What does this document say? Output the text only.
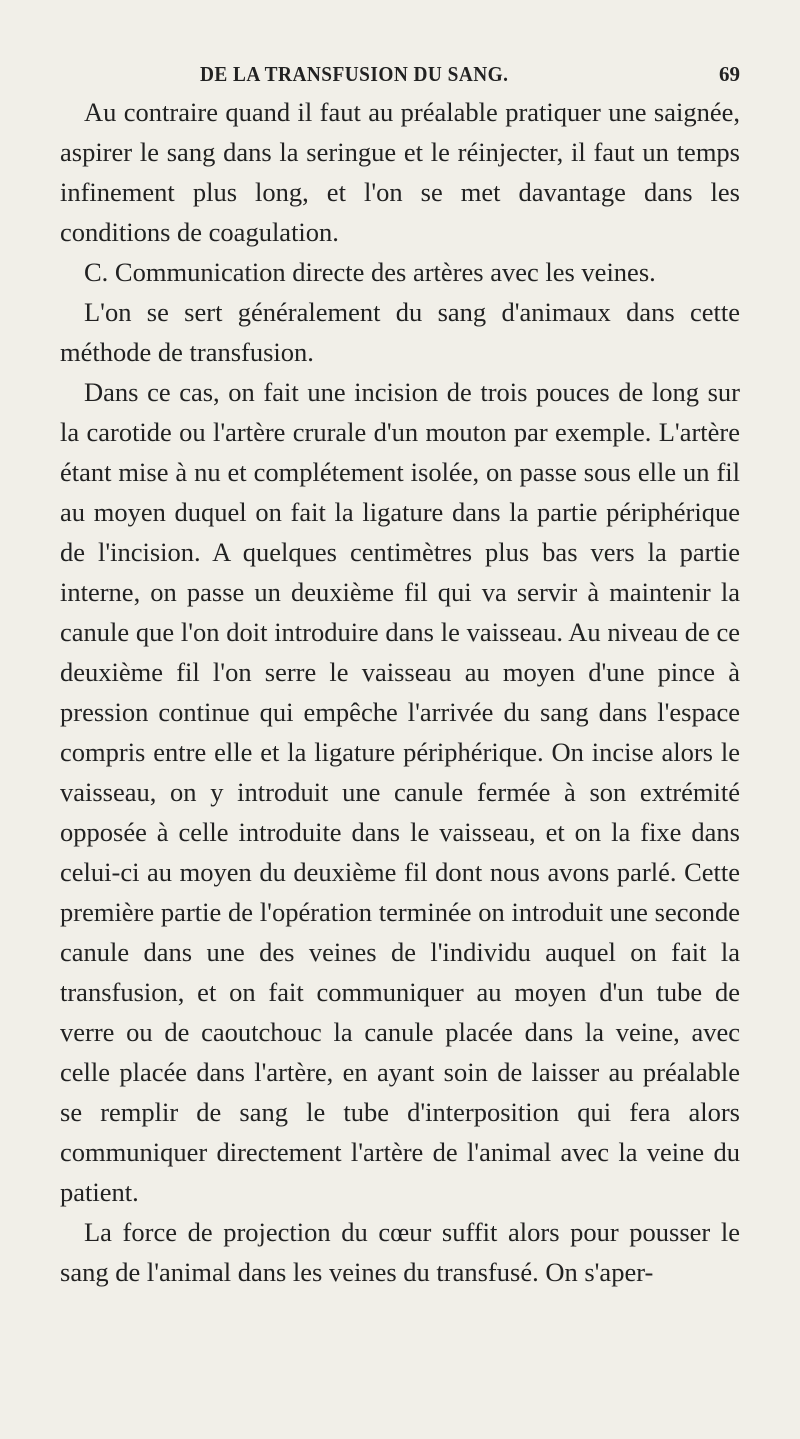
DE LA TRANSFUSION DU SANG.	69

Au contraire quand il faut au préalable pratiquer une saignée, aspirer le sang dans la seringue et le réinjecter, il faut un temps infinement plus long, et l'on se met davantage dans les conditions de coagulation.

C. Communication directe des artères avec les veines.

L'on se sert généralement du sang d'animaux dans cette méthode de transfusion.

Dans ce cas, on fait une incision de trois pouces de long sur la carotide ou l'artère crurale d'un mouton par exemple. L'artère étant mise à nu et complétement isolée, on passe sous elle un fil au moyen duquel on fait la ligature dans la partie périphérique de l'incision. A quelques centimètres plus bas vers la partie interne, on passe un deuxième fil qui va servir à maintenir la canule que l'on doit introduire dans le vaisseau. Au niveau de ce deuxième fil l'on serre le vaisseau au moyen d'une pince à pression continue qui empêche l'arrivée du sang dans l'espace compris entre elle et la ligature périphérique. On incise alors le vaisseau, on y introduit une canule fermée à son extrémité opposée à celle introduite dans le vaisseau, et on la fixe dans celui-ci au moyen du deuxième fil dont nous avons parlé. Cette première partie de l'opération terminée on introduit une seconde canule dans une des veines de l'individu auquel on fait la transfusion, et on fait communiquer au moyen d'un tube de verre ou de caoutchouc la canule placée dans la veine, avec celle placée dans l'artère, en ayant soin de laisser au préalable se remplir de sang le tube d'interposition qui fera alors communiquer directement l'artère de l'animal avec la veine du patient.

La force de projection du cœur suffit alors pour pousser le sang de l'animal dans les veines du transfusé. On s'aper-
